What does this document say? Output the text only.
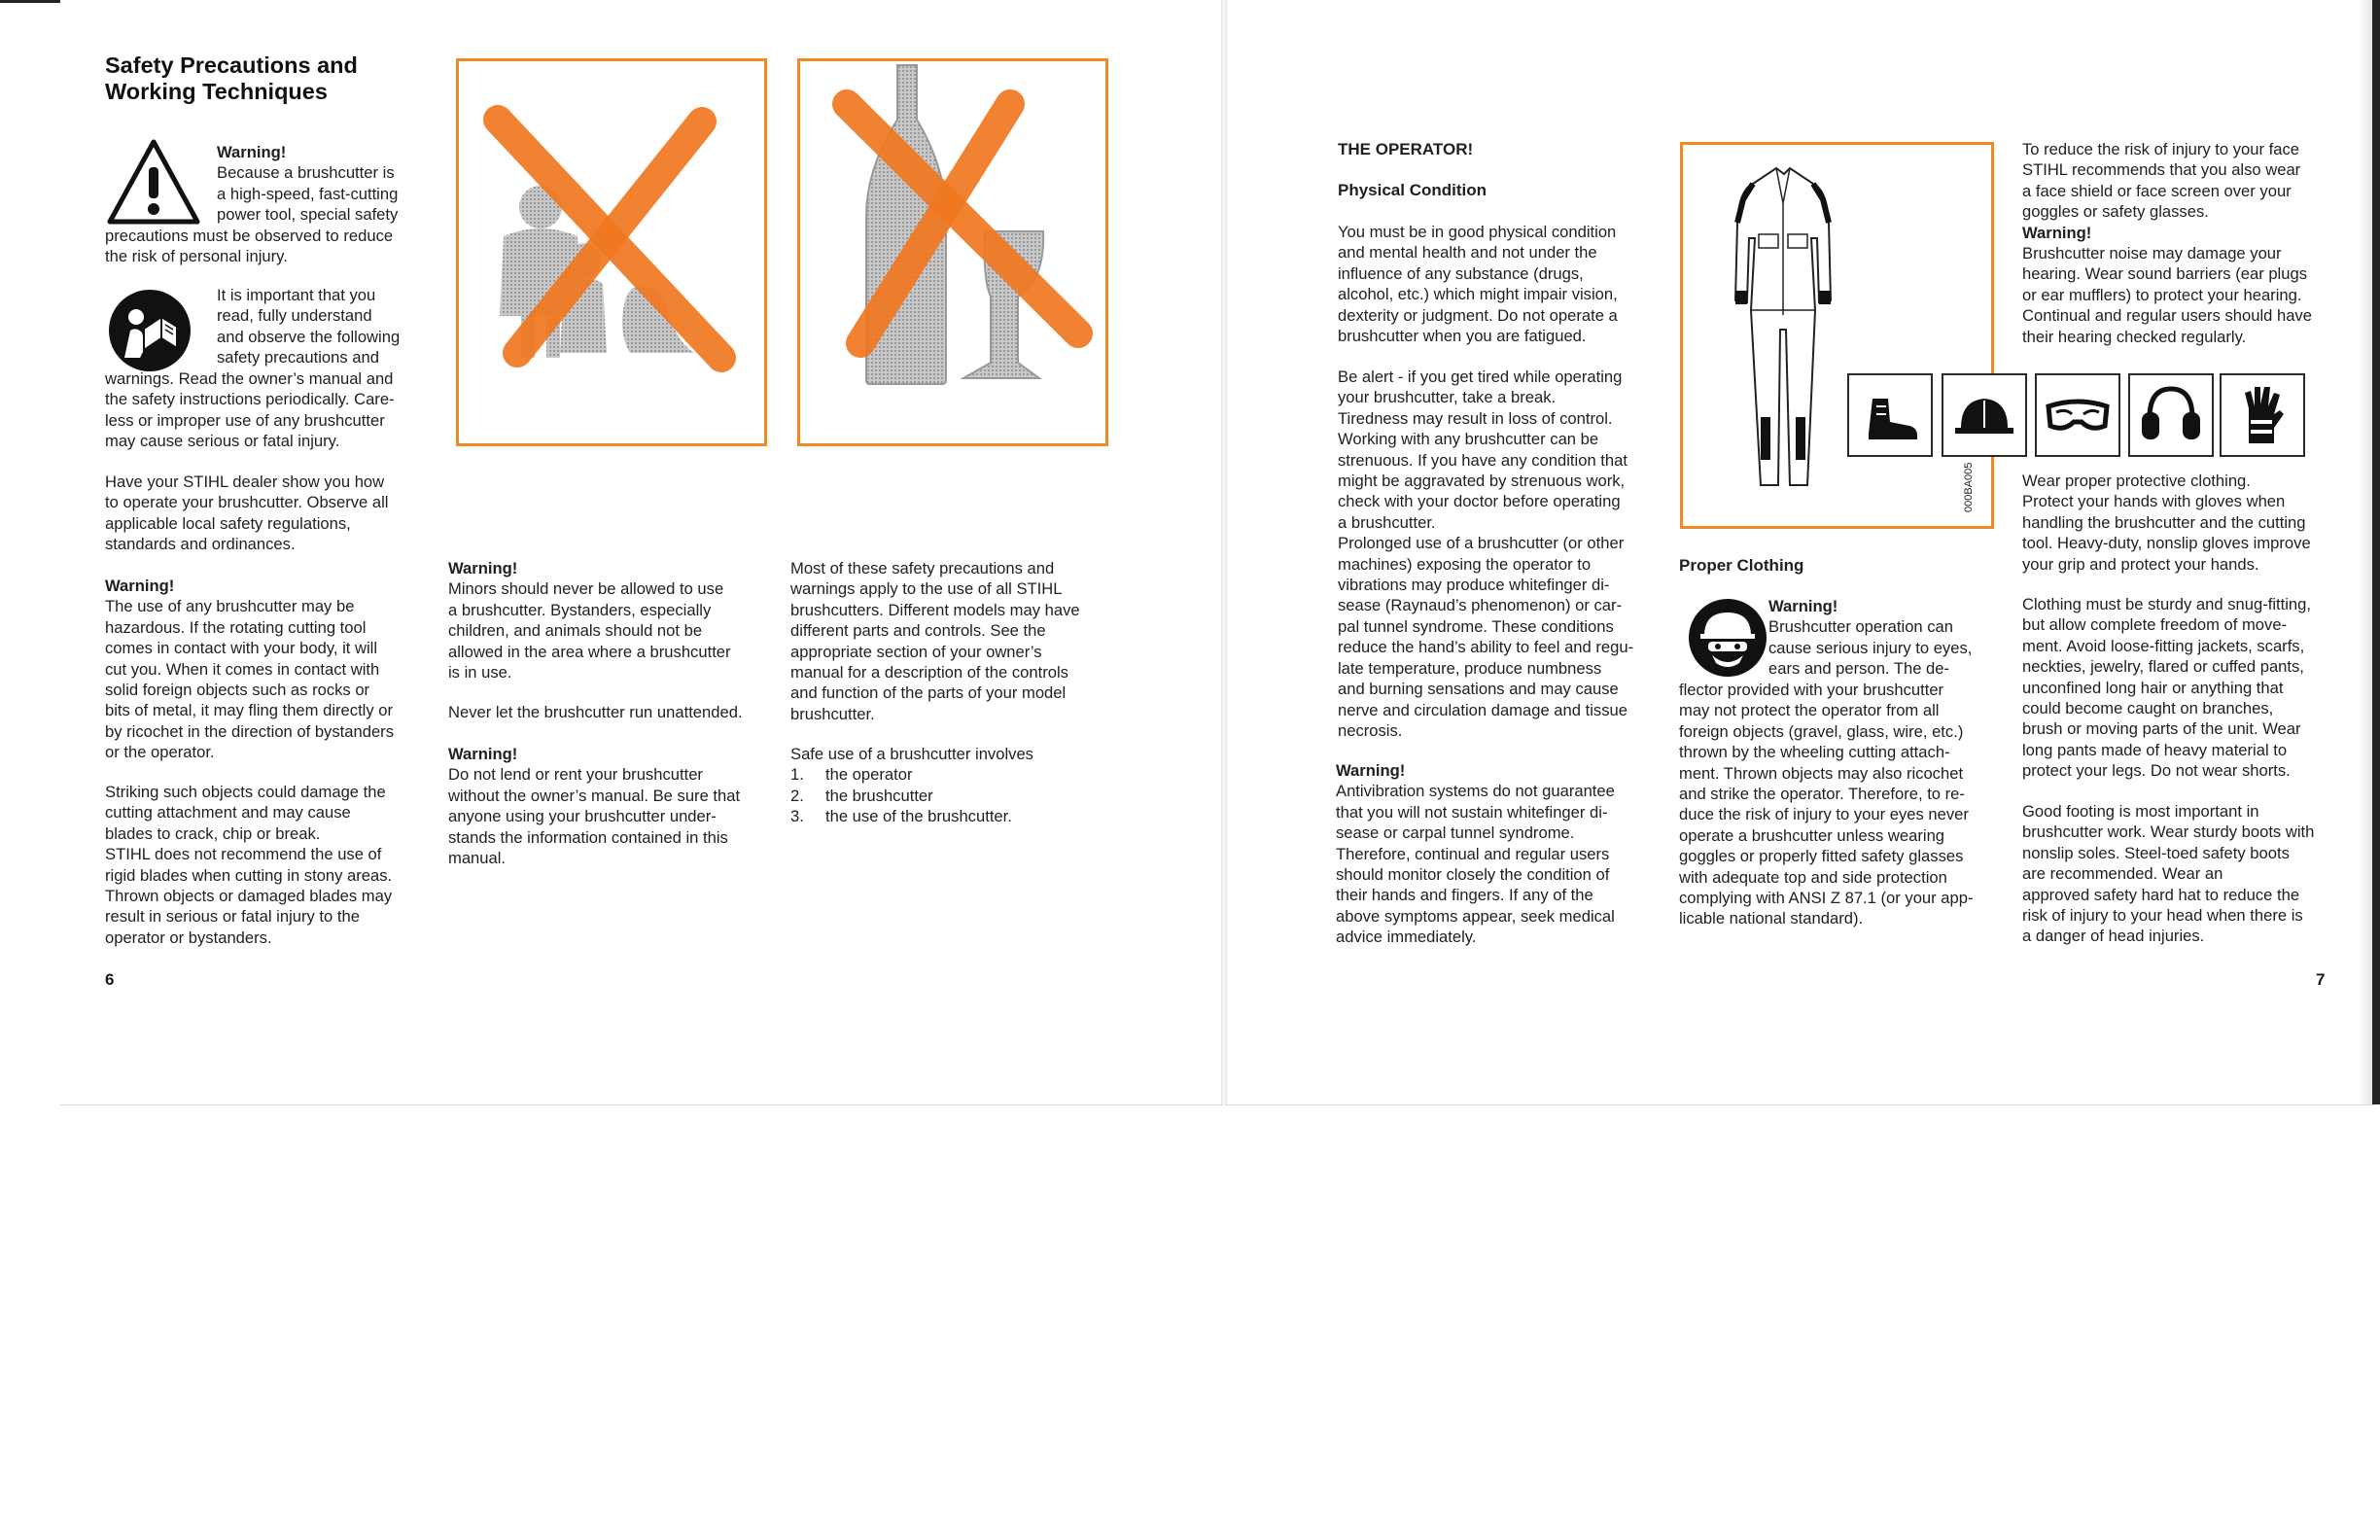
Safety Precautions and
Working Techniques

Warning!

Because a brushcutter is

a high-speed, fast-cutting

power tool, special safety

precautions must be observed to reduce

the risk of personal injury.

It is important that you

read, fully understand

and observe the following

safety precautions and

warnings. Read the owner’s manual and

the safety instructions periodically. Care-

less or improper use of any brushcutter

may cause serious or fatal injury.

Have your STIHL dealer show you how

to operate your brushcutter. Observe all

applicable local safety regulations,

standards and ordinances.

Warning!

The use of any brushcutter may be

hazardous. If the rotating cutting tool

comes in contact with your body, it will

cut you. When it comes in contact with

solid foreign objects such as rocks or

bits of metal, it may fling them directly or

by ricochet in the direction of bystanders

or the operator.

Striking such objects could damage the

cutting attachment and may cause

blades to crack, chip or break.

STIHL does not recommend the use of

rigid blades when cutting in stony areas.

Thrown objects or damaged blades may

result in serious or fatal injury to the

operator or bystanders.

6

Warning!

Minors should never be allowed to use

a brushcutter. Bystanders, especially

children, and animals should not be

allowed in the area where a brushcutter

is in use.

Never let the brushcutter run unattended.

Warning!

Do not lend or rent your brushcutter

without the owner’s manual. Be sure that

anyone using your brushcutter under-

stands the information contained in this

manual.

Most of these safety precautions and

warnings apply to the use of all STIHL

brushcutters. Different models may have

different parts and controls. See the

appropriate section of your owner’s

manual for a description of the controls

and function of the parts of your model

brushcutter.

Safe use of a brushcutter involves

1. the operator
2. the brushcutter
3. the use of the brushcutter.
THE OPERATOR!
Physical Condition

You must be in good physical condition

and mental health and not under the

influence of any substance (drugs,

alcohol, etc.) which might impair vision,

dexterity or judgment. Do not operate a

brushcutter when you are fatigued.

Be alert - if you get tired while operating

your brushcutter, take a break.

Tiredness may result in loss of control.

Working with any brushcutter can be

strenuous. If you have any condition that

might be aggravated by strenuous work,

check with your doctor before operating

a brushcutter.

Prolonged use of a brushcutter (or other

machines) exposing the operator to

vibrations may produce whitefinger di-

sease (Raynaud’s phenomenon) or car-

pal tunnel syndrome. These conditions

reduce the hand’s ability to feel and regu-

late temperature, produce numbness

and burning sensations and may cause

nerve and circulation damage and tissue

necrosis.

Warning!

Antivibration systems do not guarantee

that you will not sustain whitefinger di-

sease or carpal tunnel syndrome.

Therefore, continual and regular users

should monitor closely the condition of

their hands and fingers. If any of the

above symptoms appear, seek medical

advice immediately.

000BA005
Proper Clothing

Warning!

Brushcutter operation can

cause serious injury to eyes,

ears and person. The de-

flector provided with your brushcutter

may not protect the operator from all

foreign objects (gravel, glass, wire, etc.)

thrown by the wheeling cutting attach-

ment. Thrown objects may also ricochet

and strike the operator. Therefore, to re-

duce the risk of injury to your eyes never

operate a brushcutter unless wearing

goggles or properly fitted safety glasses

with adequate top and side protection

complying with ANSI Z 87.1 (or your app-

licable national standard).

To reduce the risk of injury to your face

STIHL recommends that you also wear

a face shield or face screen over your

goggles or safety glasses.

Warning!

Brushcutter noise may damage your

hearing. Wear sound barriers (ear plugs

or ear mufflers) to protect your hearing.

Continual and regular users should have

their hearing checked regularly.

Wear proper protective clothing.

Protect your hands with gloves when

handling the brushcutter and the cutting

tool. Heavy-duty, nonslip gloves improve

your grip and protect your hands.

Clothing must be sturdy and snug-fitting,

but allow complete freedom of move-

ment. Avoid loose-fitting jackets, scarfs,

neckties, jewelry, flared or cuffed pants,

unconfined long hair or anything that

could become caught on branches,

brush or moving parts of the unit. Wear

long pants made of heavy material to

protect your legs. Do not wear shorts.

Good footing is most important in

brushcutter work. Wear sturdy boots with

nonslip soles. Steel-toed safety boots

are recommended. Wear an

approved safety hard hat to reduce the

risk of injury to your head when there is

a danger of head injuries.

7
